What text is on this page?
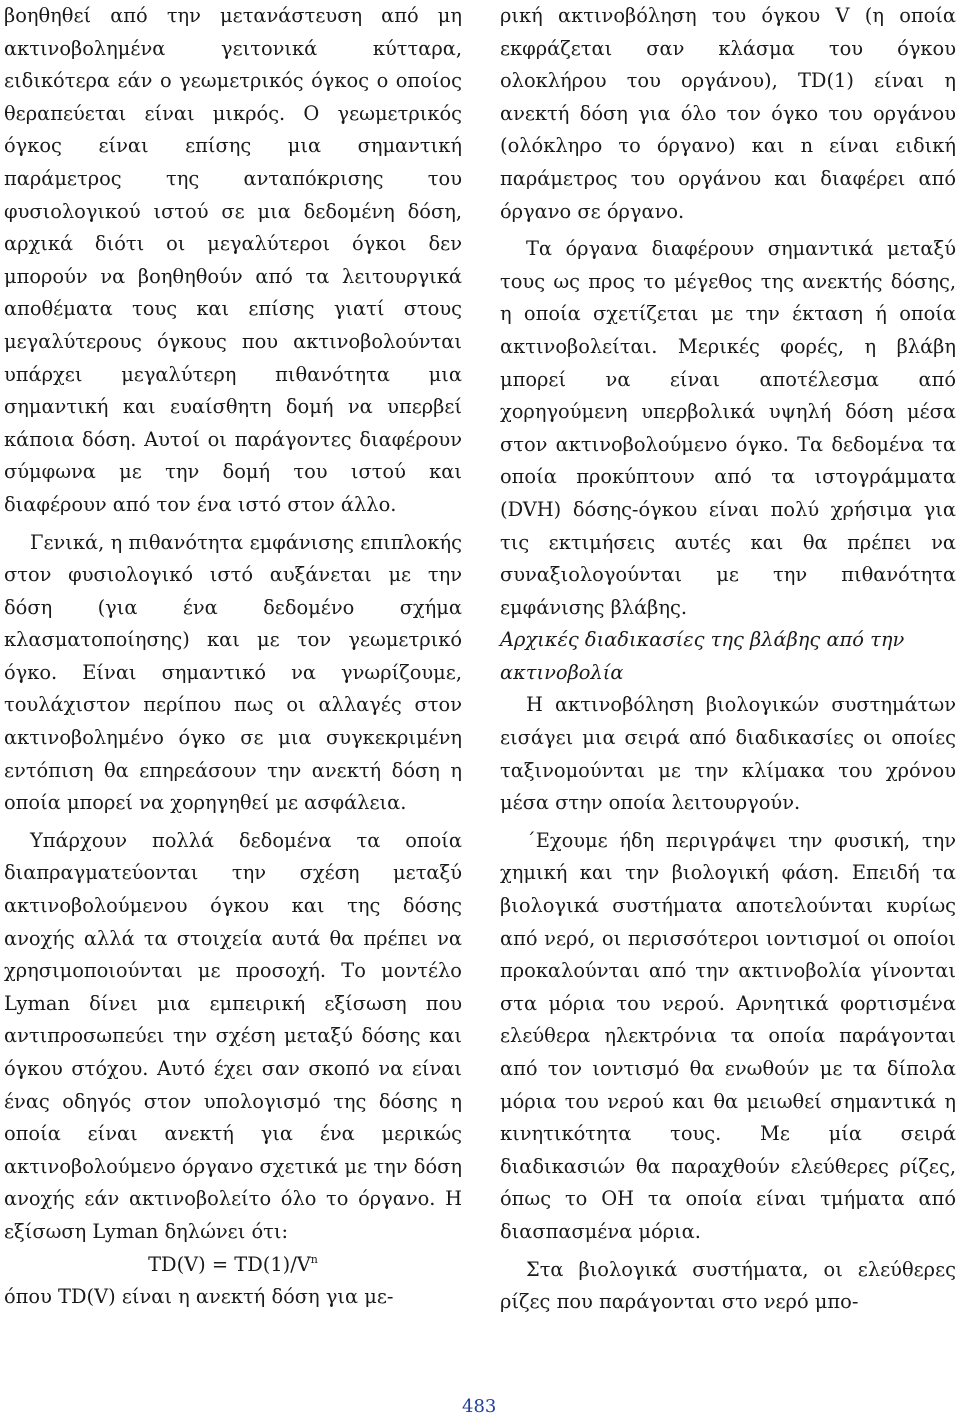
βοηθηθεί από την μετανάστευση από μη ακτινοβολημένα γειτονικά κύτταρα, ειδικότερα εάν ο γεωμετρικός όγκος ο οποίος θεραπεύεται είναι μικρός. Ο γεωμετρικός όγκος είναι επίσης μια σημαντική παράμετρος της ανταπόκρισης του φυσιολογικού ιστού σε μια δεδομένη δόση, αρχικά διότι οι μεγαλύτεροι όγκοι δεν μπορούν να βοηθηθούν από τα λειτουργικά αποθέματα τους και επίσης γιατί στους μεγαλύτερους όγκους που ακτινοβολούνται υπάρχει μεγαλύτερη πιθανότητα μια σημαντική και ευαίσθητη δομή να υπερβεί κάποια δόση. Αυτοί οι παράγοντες διαφέρουν σύμφωνα με την δομή του ιστού και διαφέρουν από τον ένα ιστό στον άλλο.

Γενικά, η πιθανότητα εμφάνισης επιπλοκής στον φυσιολογικό ιστό αυξάνεται με την δόση (για ένα δεδομένο σχήμα κλασματοποίησης) και με τον γεωμετρικό όγκο. Είναι σημαντικό να γνωρίζουμε, τουλάχιστον περίπου πως οι αλλαγές στον ακτινοβολημένο όγκο σε μια συγκεκριμένη εντόπιση θα επηρεάσουν την ανεκτή δόση η οποία μπορεί να χορηγηθεί με ασφάλεια.

Υπάρχουν πολλά δεδομένα τα οποία διαπραγματεύονται την σχέση μεταξύ ακτινοβολούμενου όγκου και της δόσης ανοχής αλλά τα στοιχεία αυτά θα πρέπει να χρησιμοποιούνται με προσοχή. Το μοντέλο Lyman δίνει μια εμπειρική εξίσωση που αντιπροσωπεύει την σχέση μεταξύ δόσης και όγκου στόχου. Αυτό έχει σαν σκοπό να είναι ένας οδηγός στον υπολογισμό της δόσης η οποία είναι ανεκτή για ένα μερικώς ακτινοβολούμενο όργανο σχετικά με την δόση ανοχής εάν ακτινοβολείτο όλο το όργανο. Η εξίσωση Lyman δηλώνει ότι:

$TD(V) = TD(1)/V^n$

όπου TD(V) είναι η ανεκτή δόση για με-

ρική ακτινοβόληση του όγκου V (η οποία εκφράζεται σαν κλάσμα του όγκου ολοκλήρου του οργάνου), TD(1) είναι η ανεκτή δόση για όλο τον όγκο του οργάνου (ολόκληρο το όργανο) και n είναι ειδική παράμετρος του οργάνου και διαφέρει από όργανο σε όργανο.

Τα όργανα διαφέρουν σημαντικά μεταξύ τους ως προς το μέγεθος της ανεκτής δόσης, η οποία σχετίζεται με την έκταση ή οποία ακτινοβολείται. Μερικές φορές, η βλάβη μπορεί να είναι αποτέλεσμα από χορηγούμενη υπερβολικά υψηλή δόση μέσα στον ακτινοβολούμενο όγκο. Τα δεδομένα τα οποία προκύπτουν από τα ιστογράμματα (DVH) δόσης-όγκου είναι πολύ χρήσιμα για τις εκτιμήσεις αυτές και θα πρέπει να συναξιολογούνται με την πιθανότητα εμφάνισης βλάβης.

Αρχικές διαδικασίες της βλάβης από την ακτινοβολία

Η ακτινοβόληση βιολογικών συστημάτων εισάγει μια σειρά από διαδικασίες οι οποίες ταξινομούνται με την κλίμακα του χρόνου μέσα στην οποία λειτουργούν.

΄Εχουμε ήδη περιγράψει την φυσική, την χημική και την βιολογική φάση. Επειδή τα βιολογικά συστήματα αποτελούνται κυρίως από νερό, οι περισσότεροι ιοντισμοί οι οποίοι προκαλούνται από την ακτινοβολία γίνονται στα μόρια του νερού. Αρνητικά φορτισμένα ελεύθερα ηλεκτρόνια τα οποία παράγονται από τον ιοντισμό θα ενωθούν με τα δίπολα μόρια του νερού και θα μειωθεί σημαντικά η κινητικότητα τους. Με μία σειρά διαδικασιών θα παραχθούν ελεύθερες ρίζες, όπως το ΟΗ τα οποία είναι τμήματα από διασπασμένα μόρια.

Στα βιολογικά συστήματα, οι ελεύθερες ρίζες που παράγονται στο νερό μπο-

483
